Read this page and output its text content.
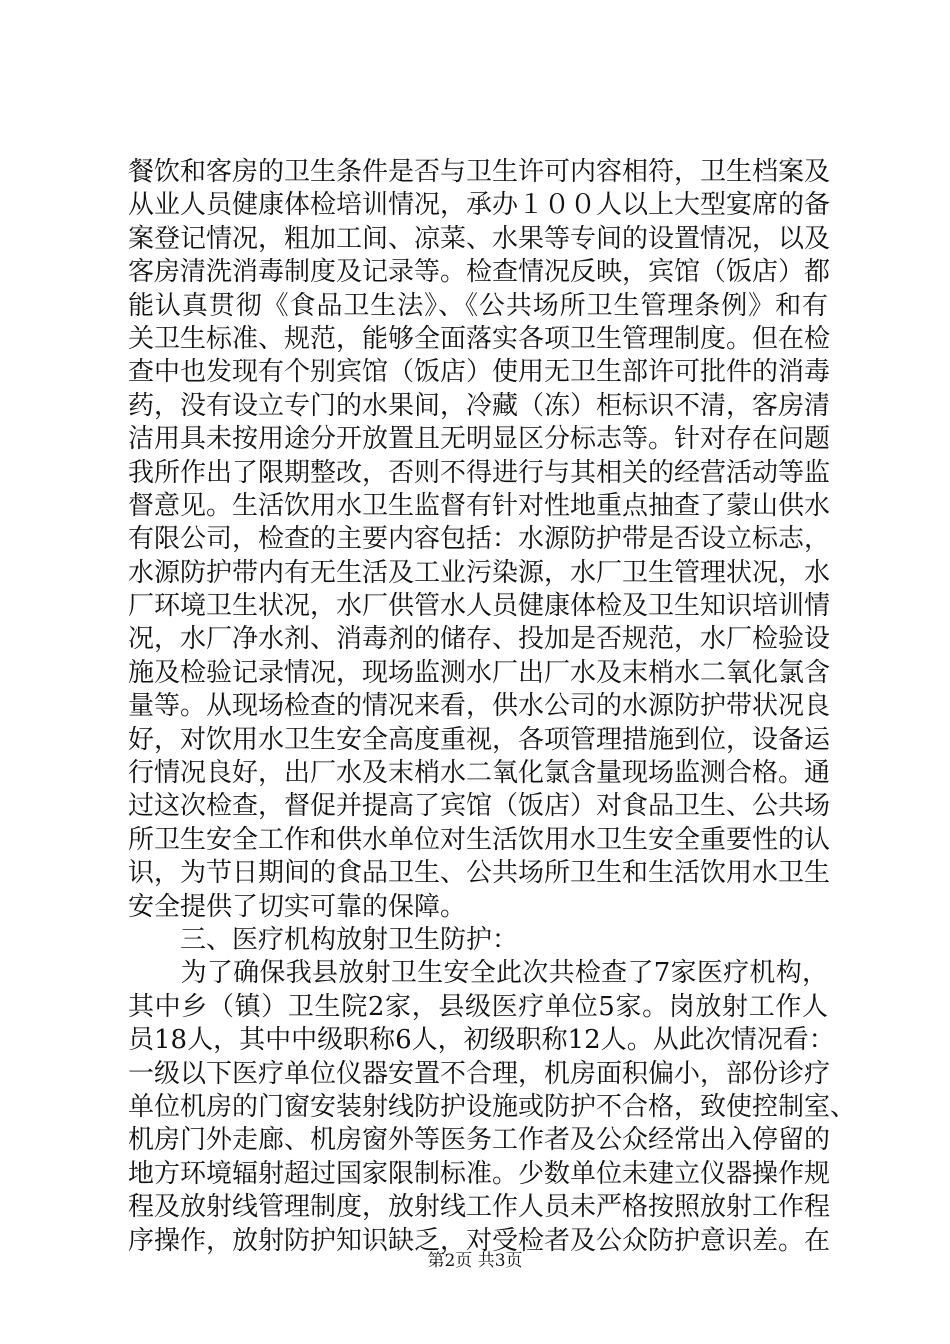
餐饮和客房的卫生条件是否与卫生许可内容相符，卫生档案及
从业人员健康体检培训情况，承办１００人以上大型宴席的备
案登记情况，粗加工间、凉菜、水果等专间的设置情况，以及
客房清洗消毒制度及记录等。检查情况反映，宾馆（饭店）都
能认真贯彻《食品卫生法》、《公共场所卫生管理条例》和有
关卫生标准、规范，能够全面落实各项卫生管理制度。但在检
查中也发现有个别宾馆（饭店）使用无卫生部许可批件的消毒
药，没有设立专门的水果间，冷藏（冻）柜标识不清，客房清
洁用具未按用途分开放置且无明显区分标志等。针对存在问题
我所作出了限期整改，否则不得进行与其相关的经营活动等监
督意见。生活饮用水卫生监督有针对性地重点抽查了蒙山供水
有限公司，检查的主要内容包括：水源防护带是否设立标志，
水源防护带内有无生活及工业污染源，水厂卫生管理状况，水
厂环境卫生状况，水厂供管水人员健康体检及卫生知识培训情
况，水厂净水剂、消毒剂的储存、投加是否规范，水厂检验设
施及检验记录情况，现场监测水厂出厂水及末梢水二氧化氯含
量等。从现场检查的情况来看，供水公司的水源防护带状况良
好，对饮用水卫生安全高度重视，各项管理措施到位，设备运
行情况良好，出厂水及末梢水二氧化氯含量现场监测合格。通
过这次检查，督促并提高了宾馆（饭店）对食品卫生、公共场
所卫生安全工作和供水单位对生活饮用水卫生安全重要性的认
识，为节日期间的食品卫生、公共场所卫生和生活饮用水卫生
安全提供了切实可靠的保障。
　　三、医疗机构放射卫生防护：
　　为了确保我县放射卫生安全此次共检查了7家医疗机构，
其中乡（镇）卫生院2家，县级医疗单位5家。岗放射工作人
员18人，其中中级职称6人，初级职称12人。从此次情况看：
一级以下医疗单位仪器安置不合理，机房面积偏小，部份诊疗
单位机房的门窗安装射线防护设施或防护不合格，致使控制室、
机房门外走廊、机房窗外等医务工作者及公众经常出入停留的
地方环境辐射超过国家限制标准。少数单位未建立仪器操作规
程及放射线管理制度，放射线工作人员未严格按照放射工作程
序操作，放射防护知识缺乏，对受检者及公众防护意识差。在
第2页 共3页
